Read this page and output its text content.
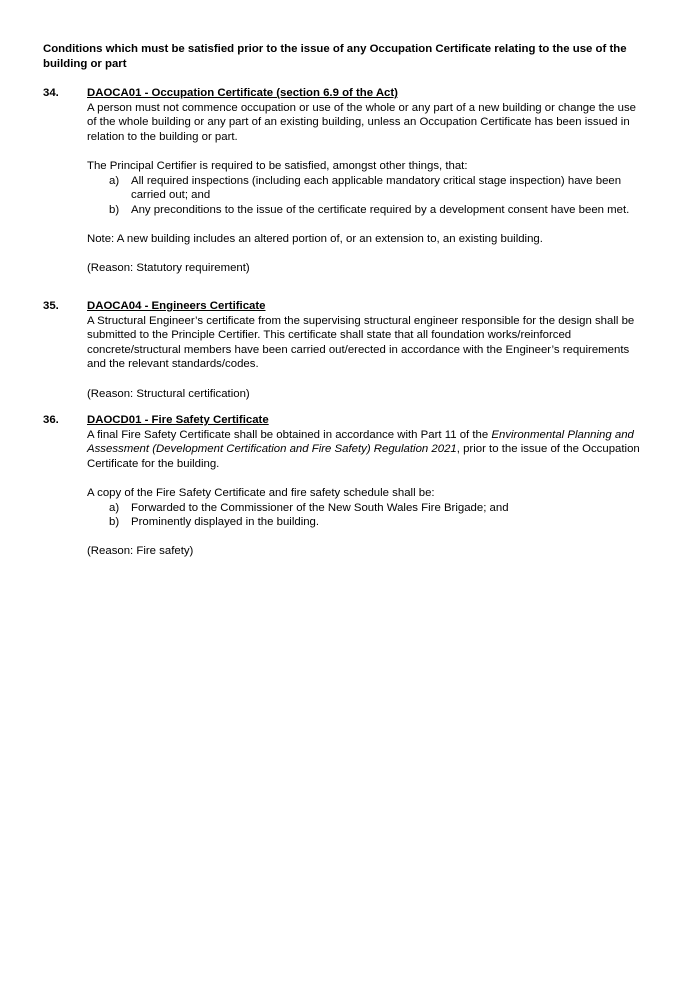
Conditions which must be satisfied prior to the issue of any Occupation Certificate relating to the use of the building or part
34. DAOCA01 - Occupation Certificate (section 6.9 of the Act)

A person must not commence occupation or use of the whole or any part of a new building or change the use of the whole building or any part of an existing building, unless an Occupation Certificate has been issued in relation to the building or part.

The Principal Certifier is required to be satisfied, amongst other things, that:

a) All required inspections (including each applicable mandatory critical stage inspection) have been carried out; and
b) Any preconditions to the issue of the certificate required by a development consent have been met.

Note: A new building includes an altered portion of, or an extension to, an existing building.

(Reason: Statutory requirement)

35. DAOCA04 - Engineers Certificate

A Structural Engineer’s certificate from the supervising structural engineer responsible for the design shall be submitted to the Principle Certifier. This certificate shall state that all foundation works/reinforced concrete/structural members have been carried out/erected in accordance with the Engineer’s requirements and the relevant standards/codes.

(Reason: Structural certification)

36. DAOCD01 - Fire Safety Certificate

A final Fire Safety Certificate shall be obtained in accordance with Part 11 of the Environmental Planning and Assessment (Development Certification and Fire Safety) Regulation 2021, prior to the issue of the Occupation Certificate for the building.

A copy of the Fire Safety Certificate and fire safety schedule shall be:

a) Forwarded to the Commissioner of the New South Wales Fire Brigade; and
b) Prominently displayed in the building.

(Reason: Fire safety)
